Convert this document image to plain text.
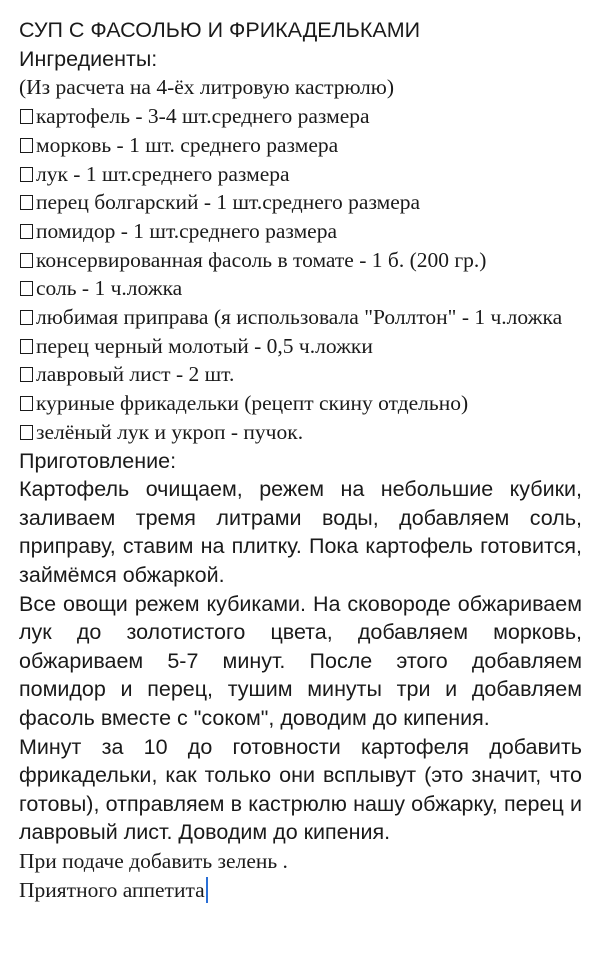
СУП С ФАСОЛЬЮ И ФРИКАДЕЛЬКАМИ
Ингредиенты:
(Из расчета на 4-ёх литровую кастрюлю)
картофель - 3-4 шт.среднего размера
морковь - 1 шт. среднего размера
лук - 1 шт.среднего размера
перец болгарский - 1 шт.среднего размера
помидор - 1 шт.среднего размера
консервированная фасоль в томате - 1 б. (200 гр.)
соль - 1 ч.ложка
любимая приправа (я использовала "Роллтон" - 1 ч.ложка
перец черный молотый - 0,5 ч.ложки
лавровый лист - 2 шт.
куриные фрикадельки (рецепт скину отдельно)
зелёный лук и укроп - пучок.
Приготовление:

Картофель очищаем, режем на небольшие кубики, заливаем тремя литрами воды, добавляем соль, приправу, ставим на плитку. Пока картофель готовится, займёмся обжаркой.

Все овощи режем кубиками. На сковороде обжариваем лук до золотистого цвета, добавляем морковь, обжариваем 5-7 минут. После этого добавляем помидор и перец, тушим минуты три и добавляем фасоль вместе с "соком", доводим до кипения.

Минут за 10 до готовности картофеля добавить фрикадельки, как только они всплывут (это значит, что готовы), отправляем в кастрюлю нашу обжарку, перец и лавровый лист. Доводим до кипения.

При подаче добавить зелень .
Приятного аппетита
